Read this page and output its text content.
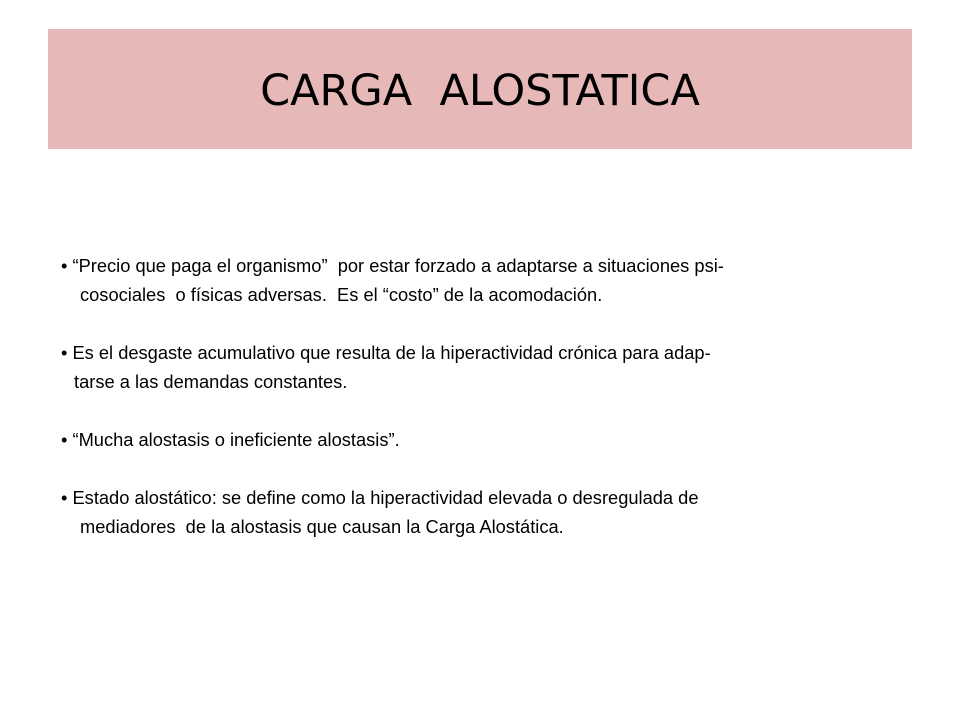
CARGA  ALOSTATICA
• “Precio que paga el organismo”  por estar forzado a adaptarse a situaciones psi-
cosociales  o físicas adversas.  Es el “costo” de la acomodación.
• Es el desgaste acumulativo que resulta de la hiperactividad crónica para adap-
tarse a las demandas constantes.
• “Mucha alostasis o ineficiente alostasis”.
• Estado alostático: se define como la hiperactividad elevada o desregulada de
mediadores  de la alostasis que causan la Carga Alostática.
